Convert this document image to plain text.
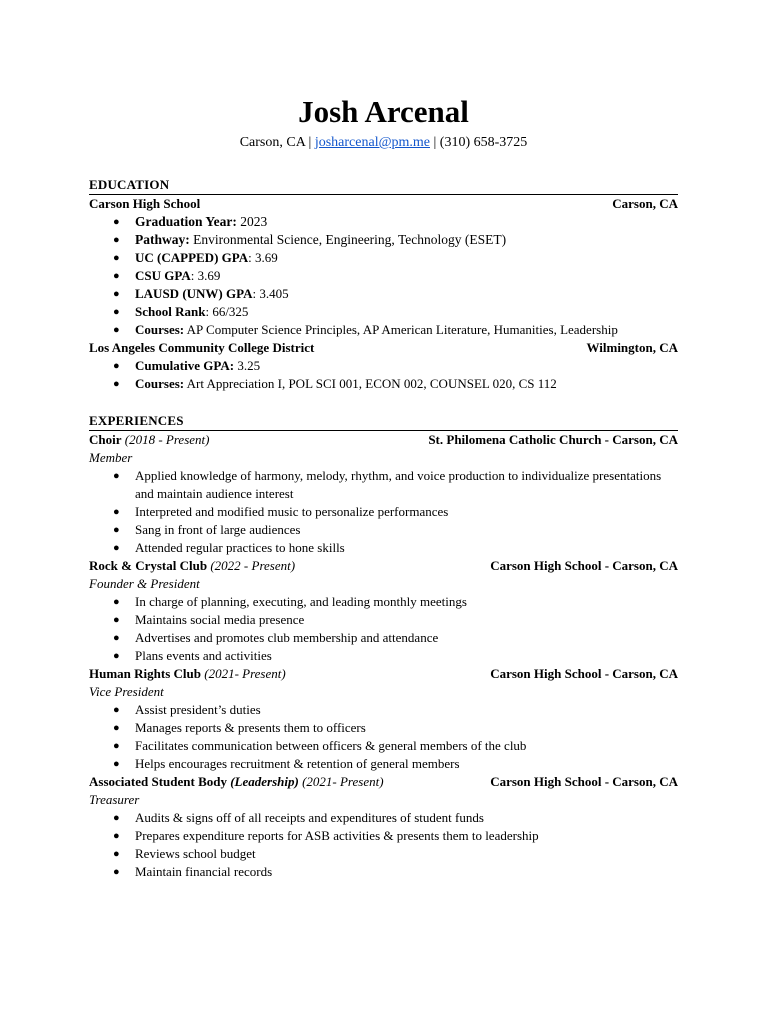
Josh Arcenal
Carson, CA | josharcenal@pm.me | (310) 658-3725
EDUCATION
Carson High School	Carson, CA
● Graduation Year: 2023
● Pathway: Environmental Science, Engineering, Technology (ESET)
● UC (CAPPED) GPA: 3.69
● CSU GPA: 3.69
● LAUSD (UNW) GPA: 3.405
● School Rank: 66/325
● Courses: AP Computer Science Principles, AP American Literature, Humanities, Leadership
Los Angeles Community College District	Wilmington, CA
● Cumulative GPA: 3.25
● Courses: Art Appreciation I, POL SCI 001, ECON 002, COUNSEL 020, CS 112
EXPERIENCES
Choir (2018 - Present)	St. Philomena Catholic Church - Carson, CA
Member
● Applied knowledge of harmony, melody, rhythm, and voice production to individualize presentations and maintain audience interest
● Interpreted and modified music to personalize performances
● Sang in front of large audiences
● Attended regular practices to hone skills
Rock & Crystal Club (2022 - Present)	Carson High School - Carson, CA
Founder & President
● In charge of planning, executing, and leading monthly meetings
● Maintains social media presence
● Advertises and promotes club membership and attendance
● Plans events and activities
Human Rights Club (2021- Present)	Carson High School - Carson, CA
Vice President
● Assist president’s duties
● Manages reports & presents them to officers
● Facilitates communication between officers & general members of the club
● Helps encourages recruitment & retention of general members
Associated Student Body (Leadership) (2021- Present)	Carson High School - Carson, CA
Treasurer
● Audits & signs off of all receipts and expenditures of student funds
● Prepares expenditure reports for ASB activities & presents them to leadership
● Reviews school budget
● Maintain financial records
